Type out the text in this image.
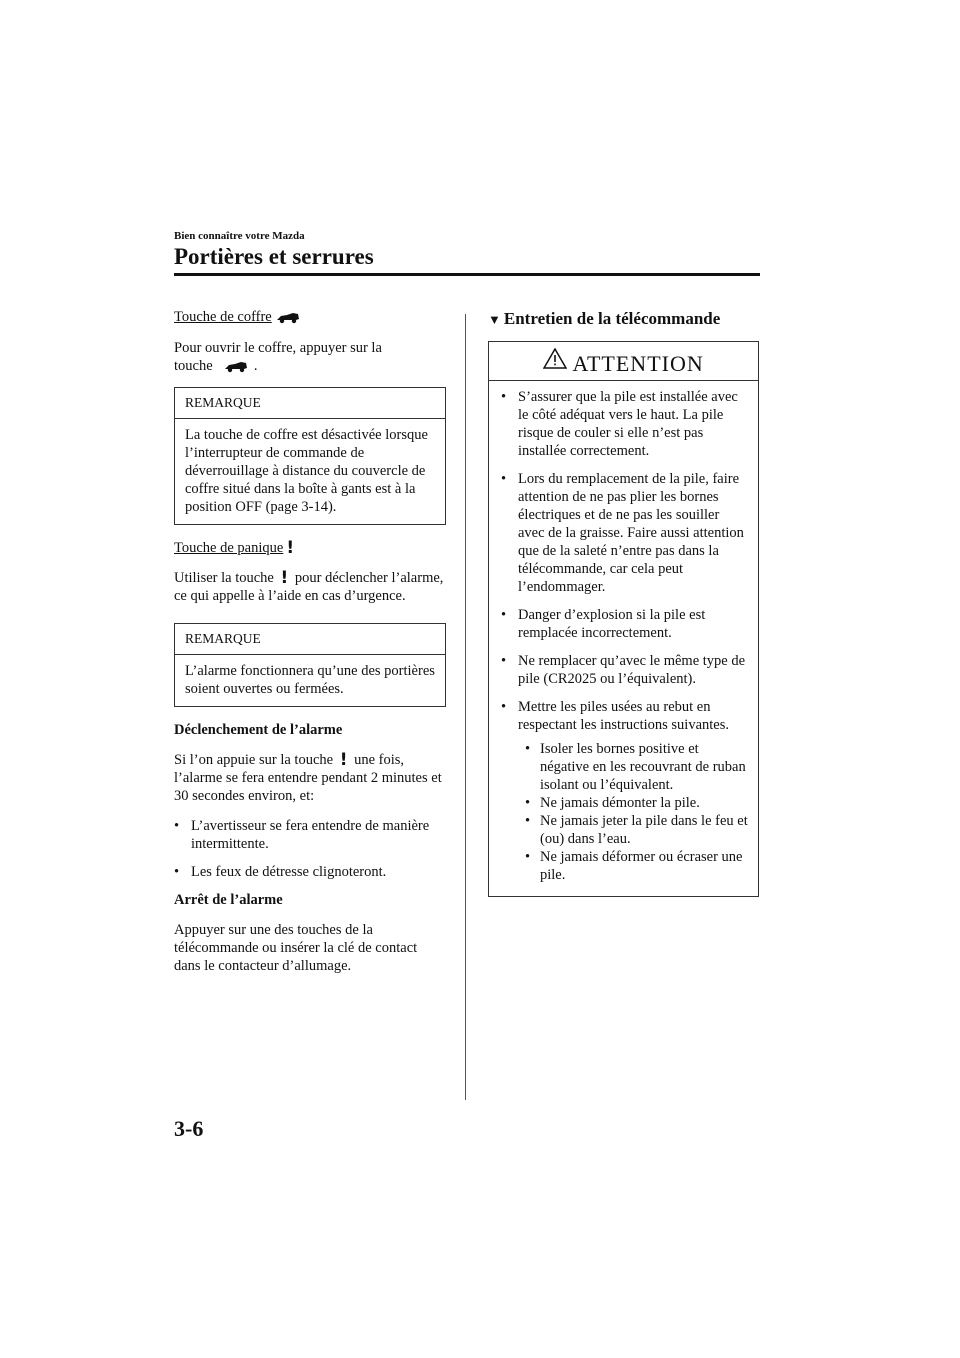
Bien connaître votre Mazda
Portières et serrures

Touche de coffre

Pour ouvrir le coffre, appuyer sur la
touche	.

REMARQUE
La touche de coffre est désactivée lorsque l’interrupteur de commande de déverrouillage à distance du couvercle de coffre situé dans la boîte à gants est à la position OFF (page 3-14).

Touche de panique !

Utiliser la touche ! pour déclencher l’alarme, ce qui appelle à l’aide en cas d’urgence.

REMARQUE
L’alarme fonctionnera qu’une des portières soient ouvertes ou fermées.

Déclenchement de l’alarme

Si l’on appuie sur la touche ! une fois, l’alarme se fera entendre pendant 2 minutes et 30 secondes environ, et:

• L’avertisseur se fera entendre de manière intermittente.
• Les feux de détresse clignoteront.

Arrêt de l’alarme

Appuyer sur une des touches de la télécommande ou insérer la clé de contact dans le contacteur d’allumage.

▼ Entretien de la télécommande
ATTENTION
• S’assurer que la pile est installée avec le côté adéquat vers le haut. La pile risque de couler si elle n’est pas installée correctement.
• Lors du remplacement de la pile, faire attention de ne pas plier les bornes électriques et de ne pas les souiller avec de la graisse. Faire aussi attention que de la saleté n’entre pas dans la télécommande, car cela peut l’endommager.
• Danger d’explosion si la pile est remplacée incorrectement.
• Ne remplacer qu’avec le même type de pile (CR2025 ou l’équivalent).
• Mettre les piles usées au rebut en respectant les instructions suivantes.
• Isoler les bornes positive et négative en les recouvrant de ruban isolant ou l’équivalent.
• Ne jamais démonter la pile.
• Ne jamais jeter la pile dans le feu et (ou) dans l’eau.
• Ne jamais déformer ou écraser une pile.
3-6
